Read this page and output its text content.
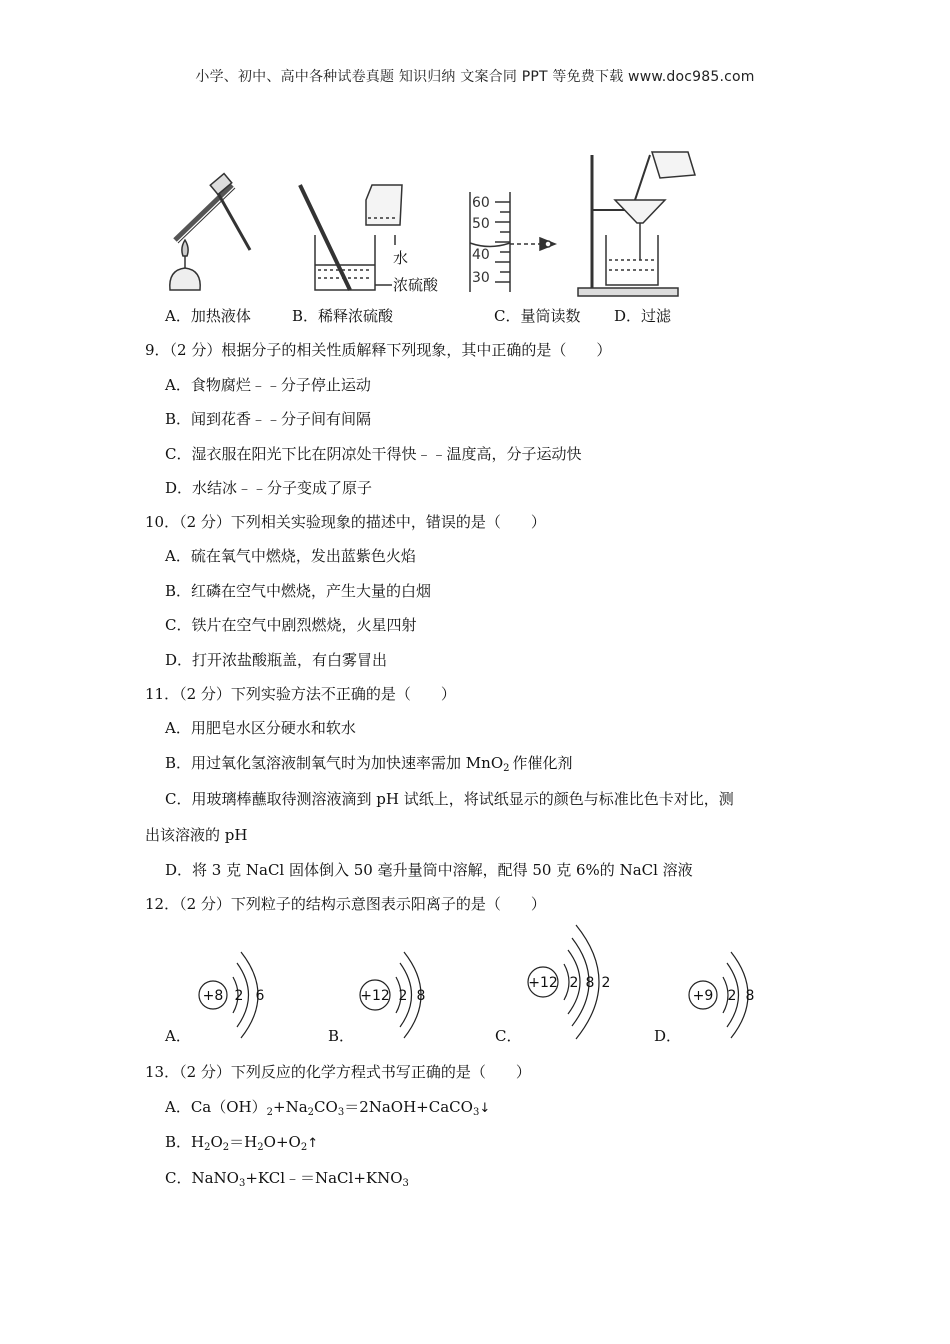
小学、初中、高中各种试卷真题 知识归纳 文案合同 PPT 等免费下载 www.doc985.com
水
浓硫酸
60
50
40
30
A．加热液体	B．稀释浓硫酸	C．量筒读数 D．过滤
9．（2 分）根据分子的相关性质解释下列现象，其中正确的是（　　）
A．食物腐烂﹣﹣分子停止运动
B．闻到花香﹣﹣分子间有间隔
C．湿衣服在阳光下比在阴凉处干得快﹣﹣温度高，分子运动快
D．水结冰﹣﹣分子变成了原子
10．（2 分）下列相关实验现象的描述中，错误的是（　　）
A．硫在氧气中燃烧，发出蓝紫色火焰
B．红磷在空气中燃烧，产生大量的白烟
C．铁片在空气中剧烈燃烧，火星四射
D．打开浓盐酸瓶盖，有白雾冒出
11．（2 分）下列实验方法不正确的是（　　）
A．用肥皂水区分硬水和软水
B．用过氧化氢溶液制氧气时为加快速率需加 MnO$_2$ 作催化剂
C．用玻璃棒蘸取待测溶液滴到 pH 试纸上，将试纸显示的颜色与标准比色卡对比，测
出该溶液的 pH
D．将 3 克 NaCl 固体倒入 50 毫升量筒中溶解，配得 50 克 6%的 NaCl 溶液
12．（2 分）下列粒子的结构示意图表示阳离子的是（　　）
+8 2 6	+12 2 8
+12 2 8 2
+9 2 8
A．	B．	C．	D．
13．（2 分）下列反应的化学方程式书写正确的是（　　）
A．$Ca(OH)_2+Na_2CO_3=2NaOH+CaCO_3↓$
B．$H_2O_2=H_2O+O_2↑$
C．$NaNO_3+KCl﹣=NaCl+KNO_3$
